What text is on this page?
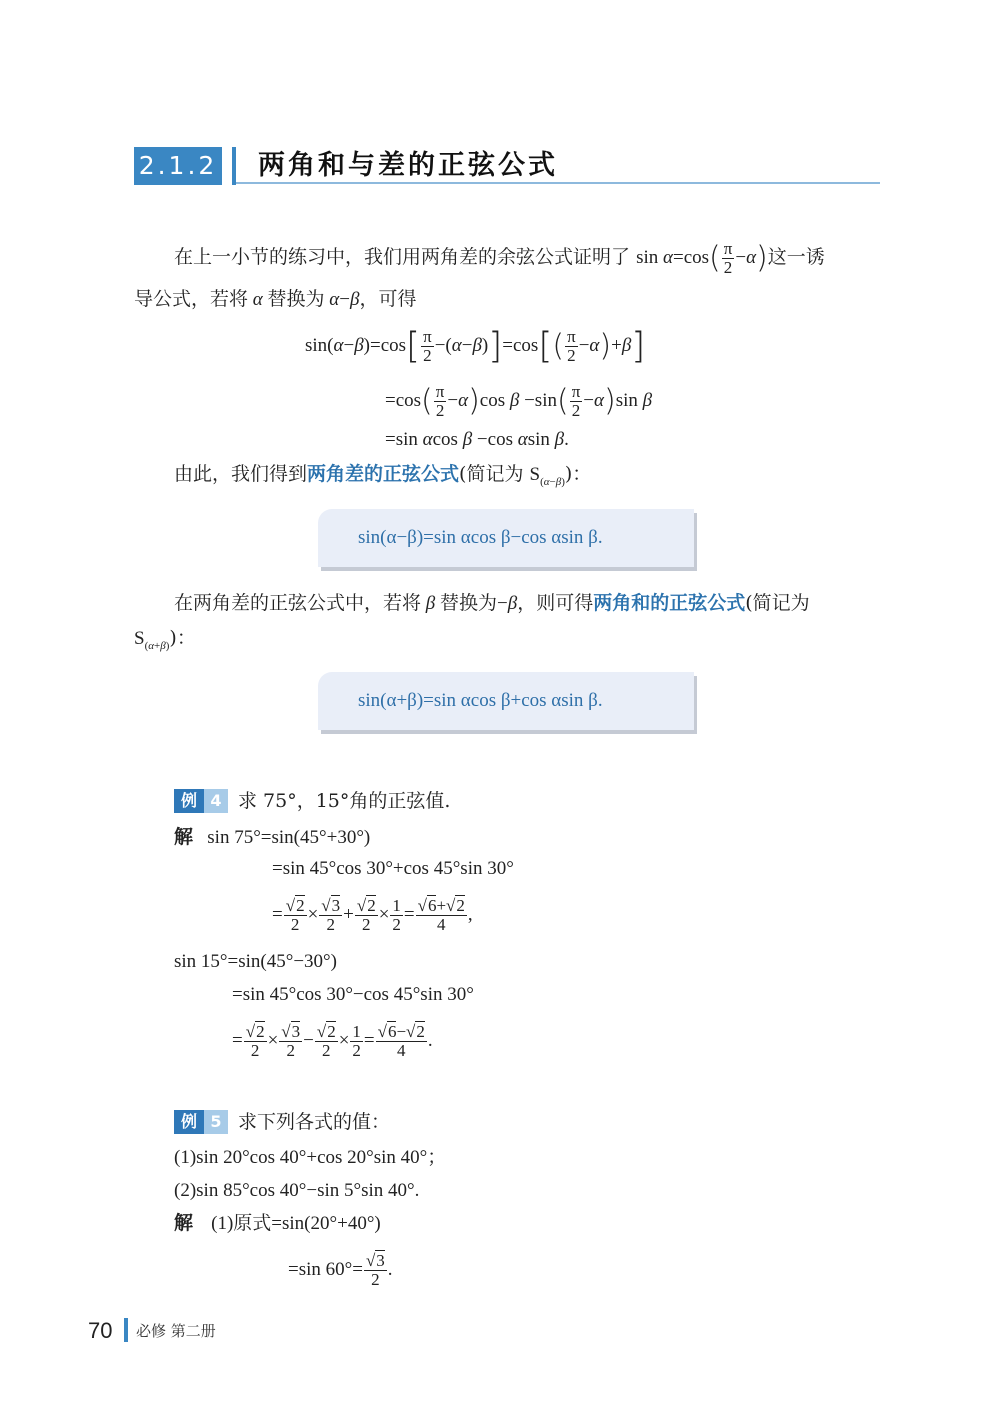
2.1.2 两角和与差的正弦公式
在上一小节的练习中，我们用两角差的余弦公式证明了 $\sin \alpha=\cos( \frac{\pi}{2} -\alpha)$这一诱
导公式，若将 α 替换为 α−β，可得
$\sin(\alpha-\beta)=\cos[ \frac{\pi}{2} -(\alpha-\beta)]=\cos[( \frac{\pi}{2} -\alpha)+\beta]$
$=\cos( \frac{\pi}{2} -\alpha)\cos$ $\beta -\sin( \frac{\pi}{2} -\alpha)\sin$ β
=sin αcos β −cos αsin β.
由此，我们得到两角差的正弦公式(简记为 $S_{(\alpha-\beta)}$)：
sin(α−β)=sin αcos β−cos αsin β.
在两角差的正弦公式中，若将 β 替换为−β，则可得两角和的正弦公式(简记为
$S_{(\alpha+\beta)}$)：
sin(α+β)=sin αcos β+cos αsin β.
例 4 求 75°，15°角的正弦值.
解   sin 75°=sin(45°+30°)
=sin 45°cos 30°+cos 45°sin 30°
= $\frac{√2}{2} \times \frac{√3}{2} + \frac{√2}{2} \times \frac{1}{2} = \frac{√6+√2}{4}$ ,
sin 15°=sin(45°−30°)
=sin 45°cos 30°−cos 45°sin 30°
= $\frac{√2}{2} \times \frac{√3}{2} - \frac{√2}{2} \times \frac{1}{2} = \frac{√6-√2}{4}$ .
例 5 求下列各式的值：
(1)sin 20°cos 40°+cos 20°sin 40°；
(2)sin 85°cos 40°−sin 5°sin 40°.
解 (1)原式=sin(20°+40°)
=sin $60^\circ= \frac{√3}{2}$ .
70 必修 第二册
